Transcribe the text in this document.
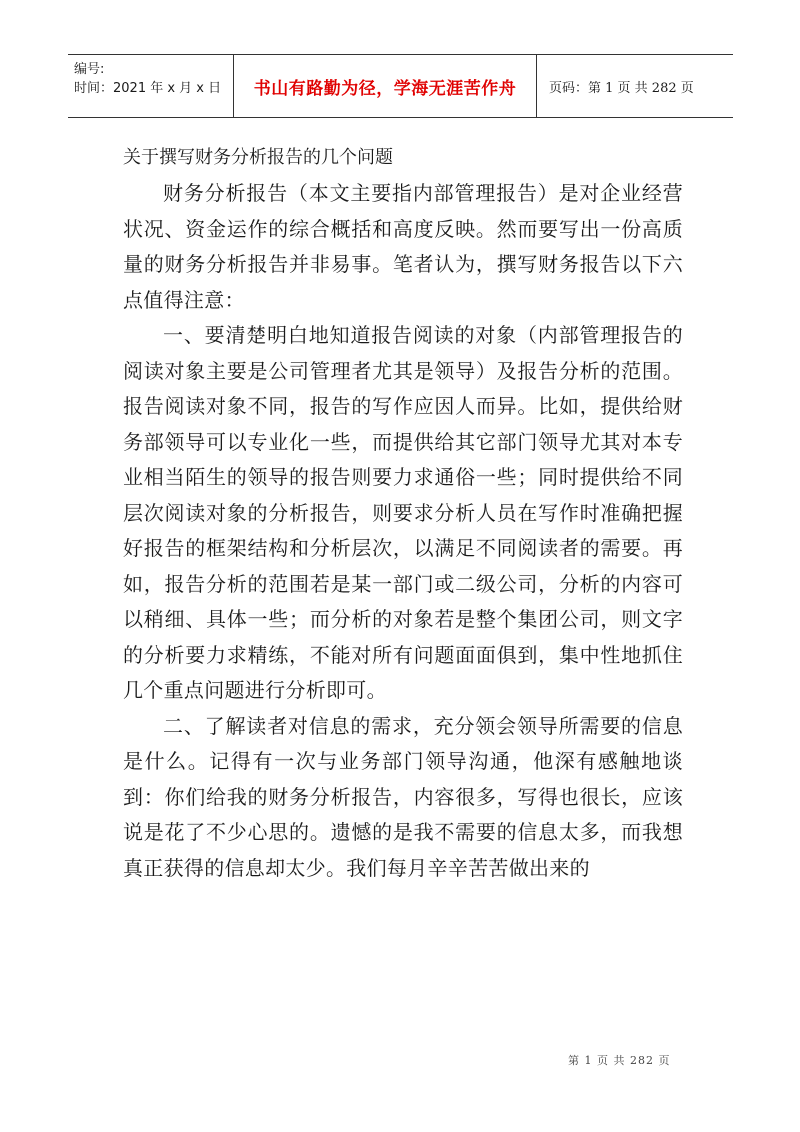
编号:
时间：2021 年 x 月 x 日	书山有路勤为径，学海无涯苦作舟	页码：第 1 页 共 282 页
关于撰写财务分析报告的几个问题

财务分析报告（本文主要指内部管理报告）是对企业经营状况、资金运作的综合概括和高度反映。然而要写出一份高质量的财务分析报告并非易事。笔者认为，撰写财务报告以下六点值得注意：

一、要清楚明白地知道报告阅读的对象（内部管理报告的阅读对象主要是公司管理者尤其是领导）及报告分析的范围。报告阅读对象不同，报告的写作应因人而异。比如，提供给财务部领导可以专业化一些，而提供给其它部门领导尤其对本专业相当陌生的领导的报告则要力求通俗一些；同时提供给不同层次阅读对象的分析报告，则要求分析人员在写作时准确把握好报告的框架结构和分析层次，以满足不同阅读者的需要。再如，报告分析的范围若是某一部门或二级公司，分析的内容可以稍细、具体一些；而分析的对象若是整个集团公司，则文字的分析要力求精练，不能对所有问题面面俱到，集中性地抓住几个重点问题进行分析即可。

二、了解读者对信息的需求，充分领会领导所需要的信息是什么。记得有一次与业务部门领导沟通，他深有感触地谈到：你们给我的财务分析报告，内容很多，写得也很长，应该说是花了不少心思的。遗憾的是我不需要的信息太多，而我想真正获得的信息却太少。我们每月辛辛苦苦做出来的

第 1 页 共 282 页
